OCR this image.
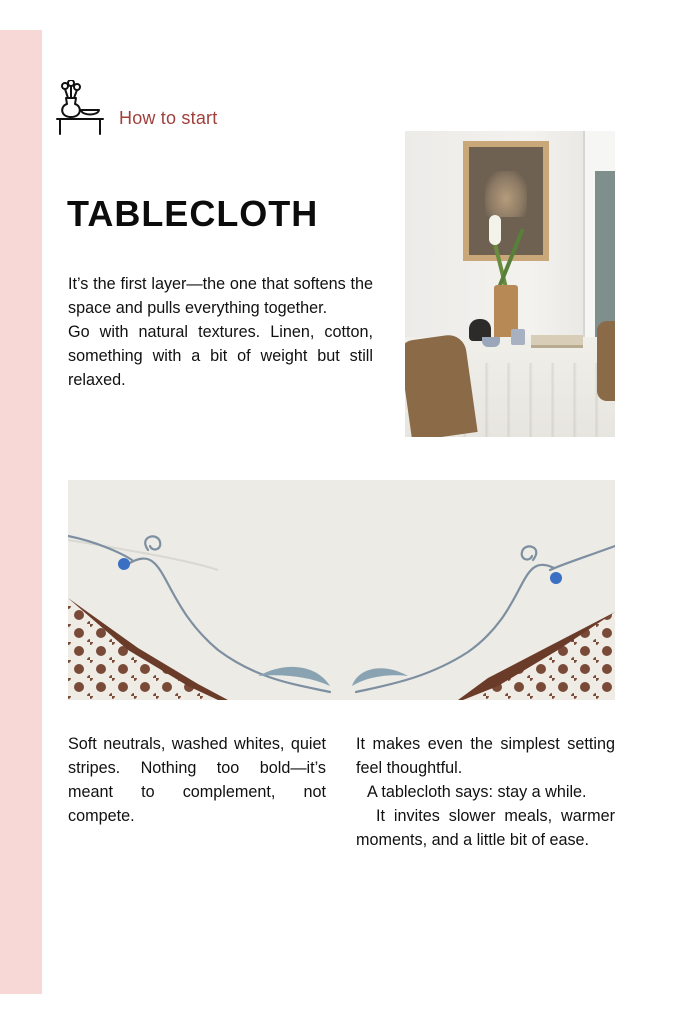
How to start
TABLECLOTH

It’s the first layer—the one that softens the space and pulls everything together.

Go with natural textures. Linen, cotton, something with a bit of weight but still relaxed.

Soft neutrals, washed whites, quiet stripes. Nothing too bold—it’s meant to complement, not compete.

It makes even the simplest setting feel thoughtful.

A tablecloth says: stay a while.

It invites slower meals, warmer moments, and a little bit of ease.
